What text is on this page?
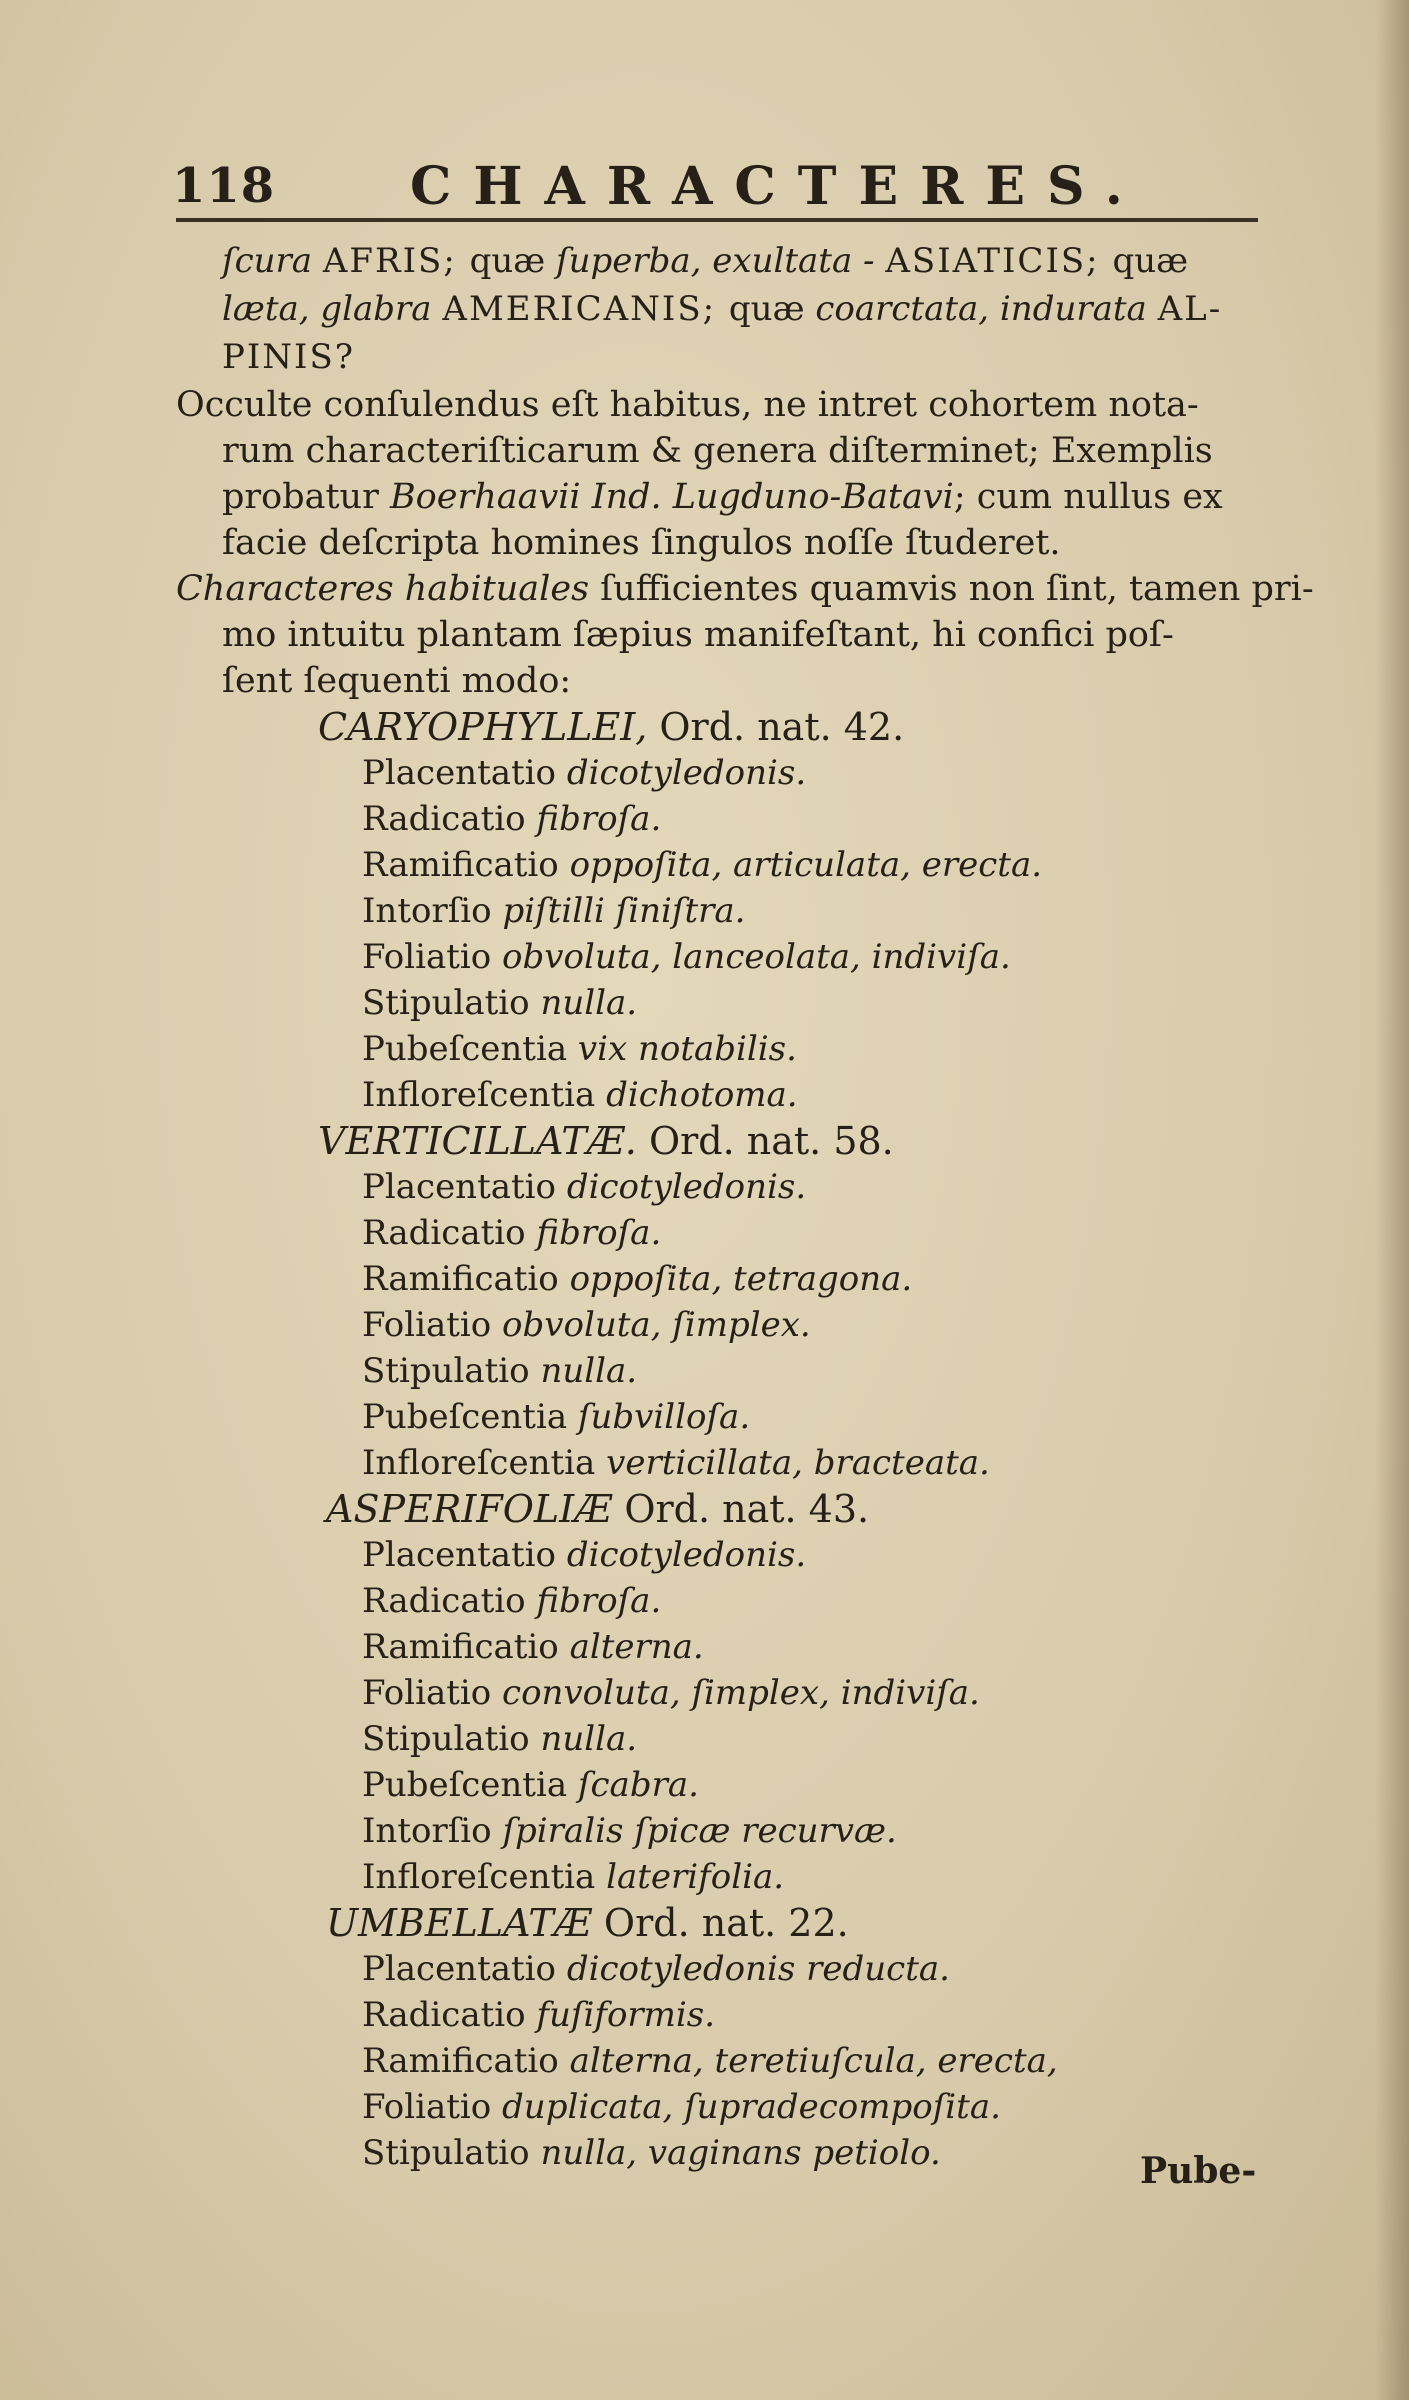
118	CHARACTERES.
ſcura AFRIS; quæ ſuperba, exultata - ASIATICIS; quæ
læta, glabra AMERICANIS; quæ coarctata, indurata AL-
PINIS?
Occulte conſulendus eſt habitus, ne intret cohortem nota-
rum characteriſticarum & genera diſterminet; Exemplis
probatur Boerhaavii Ind. Lugduno-Batavi; cum nullus ex
facie deſcripta homines ſingulos noſſe ſtuderet.
Characteres habituales ſufficientes quamvis non ſint, tamen pri-
mo intuitu plantam ſæpius manifeſtant, hi confici poſ-
ſent ſequenti modo:
CARYOPHYLLEI, Ord. nat. 42.
Placentatio dicotyledonis.
Radicatio fibroſa.
Ramificatio oppoſita, articulata, erecta.
Intorſio piſtilli ſiniſtra.
Foliatio obvoluta, lanceolata, indiviſa.
Stipulatio nulla.
Pubeſcentia vix notabilis.
Infloreſcentia dichotoma.
VERTICILLATÆ. Ord. nat. 58.
Placentatio dicotyledonis.
Radicatio fibroſa.
Ramificatio oppoſita, tetragona.
Foliatio obvoluta, ſimplex.
Stipulatio nulla.
Pubeſcentia ſubvilloſa.
Infloreſcentia verticillata, bracteata.
ASPERIFOLIÆ Ord. nat. 43.
Placentatio dicotyledonis.
Radicatio fibroſa.
Ramificatio alterna.
Foliatio convoluta, ſimplex, indiviſa.
Stipulatio nulla.
Pubeſcentia ſcabra.
Intorſio ſpiralis ſpicæ recurvæ.
Infloreſcentia laterifolia.
UMBELLATÆ Ord. nat. 22.
Placentatio dicotyledonis reducta.
Radicatio fuſiformis.
Ramificatio alterna, teretiuſcula, erecta,
Foliatio duplicata, ſupradecompoſita.
Stipulatio nulla, vaginans petiolo.	Pube-
